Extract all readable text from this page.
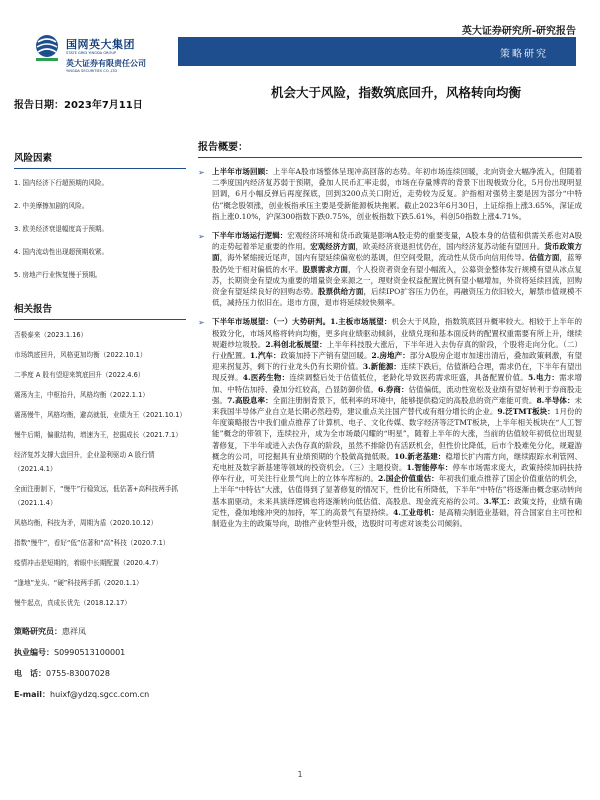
国网英大集团
STATE GRID YINGDA GROUP
英大证券有限责任公司
YINGDA SECURITIES CO.,LTD
英大证券研究所-研究报告
策略研究
报告日期：2023年7月11日
机会大于风险，指数筑底回升，风格转向均衡
风险因素
1. 国内经济下行超预期的风险。
2. 中美摩擦加剧的风险。
3. 欧美经济衰退幅度高于预期。
4. 国内流动性出现超预期收紧。
5. 房地产行业恢复慢于预期。
相关报告
否极泰来（2023.1.16）
市场筑底回升，风格更加均衡（2022.10.1）
二季度 A 股有望迎来筑底回升（2022.4.6）
震荡为主，中枢抬升，风格均衡（2022.1.1）
震荡慢牛，风格均衡，避高就低，业绩为王（2021.10.1）
慢牛后期，偏重结构，增速为王，挖掘成长（2021.7.1）
经济复苏支撑大盘回升，企业盈利驱动 A 股行情（2021.4.1）
全面注册制下，“慢牛”行稳致远，低估著+高科技两手抓（2021.1.4）
风格均衡，科技为矛，周期为盾（2020.10.12）
指数“慢牛”，看好“低”估著和“高”科技（2020.7.1）
疫情冲击是短期的，着眼中长期配置（2020.4.7）
“逢地”龙头、“硬”科技两手抓（2020.1.1）
慢牛起点，真成长优先（2018.12.17）

策略研究员：惠祥凤

执业编号：S0990513100001

电　话：0755-83007028

E-mail：huixf@ydzq.sgcc.com.cn

报告概要：
➢ 上半年市场回顾：上半年A股市场整体呈现冲高回落的态势。年初市场连续回暖，北向资金大幅净流入，但随着二季度国内经济复苏弱于预期，叠加人民币汇率走弱，市场在存量博弈的背景下出现极致分化，5月份出现明显回调，6月小幅反弹后再度探底，回到3200点关口附近，走势较为反复。沪指相对强势主要是因为部分“中特估”概念股领涨，创业板指承压主要是受新能源板块拖累。截止2023年6月30日，上证综指上涨3.65%，深证成指上涨0.10%，沪深300指数下跌0.75%，创业板指数下跌5.61%，科创50指数上涨4.71%。
➢ 下半年市场运行逻辑：宏观经济环境和货币政策是影响A股走势的重要变量，A股本身的估值和供需关系也对A股的走势起着举足重要的作用。宏观经济方面，欧美经济衰退担忧仍在，国内经济复苏动能有望回升。货币政策方面，海外紧缩接近尾声，国内有望延续偏宽松的基调，但空间受限，流动性从货币向信用传导。估值方面，蓝筹股仍处于相对偏低的水平。股票需求方面，个人投资者资金有望小幅流入，公募资金整体发行规模有望从冰点复苏，长期资金有望成为重要的增量资金来源之一，理财资金权益配置比例有望小幅增加，外资将延续回流，回购资金有望延续良好的回购态势。股票供给方面，后续IPO扩容压力仍在，再融资压力依旧较大，解禁市值规模不低，减持压力依旧在。退市方面，退市将延续较快频率。
➢ 下半年市场展望：（一）大势研判。1.主板市场展望：机会大于风险，指数筑底回升概率较大。相较于上半年的极致分化，市场风格将转向均衡，更多向业绩驱动倾斜，业绩兑现和基本面反转的配置权重需要有所上升，继续规避炒垃圾股。2.科创北板展望：上半年科技股大涨后，下半年进入去伪存真的阶段，个股将走向分化。（二）行业配置。1.汽车：政策加持下产销有望回暖。2.房地产：部分A股房企退市加速出清后，叠加政策刺激，有望迎来拐复苏，剩下的行业龙头仍有长期价值。3.新能源：连续下跌后，估值渐趋合理，需求仍在，下半年有望出现反弹。4.医药生物：连续调整后处于估值低位，老龄化导致医药需求旺盛，具备配置价值。5.电力：需求增加、中特估加持、叠加分红较高，凸显防御价值。6.券商：估值偏低，流动性宽松及业绩有望好转利于券商股走强。7.高股息率：全面注册制背景下，低利率的环境中，能够提供稳定的高股息的资产难能可贵。8.半导体：未来我国半导体产业自立是长期必然趋势，建议重点关注国产替代或有细分增长的企业。9.泛TMT板块：1月份的年度策略报告中我们重点推荐了计算机、电子、文化传媒、数字经济等泛TMT板块，上半年相关板块在“人工智能”概念的带领下，连续拉升，成为全市场最闪耀的“明星”，随着上半年的大涨，当前的估值较年初低位出现显著修复，下半年或进入去伪存真的阶段，虽然不排除仍有活跃机会，但性价比降低，后市个股难免分化，规避游概念的公司，可挖掘具有业绩预期的个股做高抛低吸。10.新老基建：稳增长扩内需方向，继续跟踪水利管网、充电桩及数字新基建等领域的投资机会。（三）主题投资。1.智能停车：停车市场需求庞大，政策持续加码扶持停车行业，可关注行业景气向上的立体车库标的。2.国企价值重估：年初我们重点推荐了国企价值重估的机会，上半年“中特估”大涨，估值得到了显著修复的情况下，性价比有所降低，下半年“中特估”将逐渐由概念驱动转向基本面驱动，未来具演绎逻辑也将逐渐转向低估值、高股息、现金流充裕的公司。3.军工：政策支持，业绩有确定性，叠加地缘冲突的加持，军工的高景气有望持续。4.工业母机：是高精尖制造业基础，符合国家自主可控和制造业为主的政策导向，助推产业转型升级，选股时可考虑对该类公司倾斜。
1
